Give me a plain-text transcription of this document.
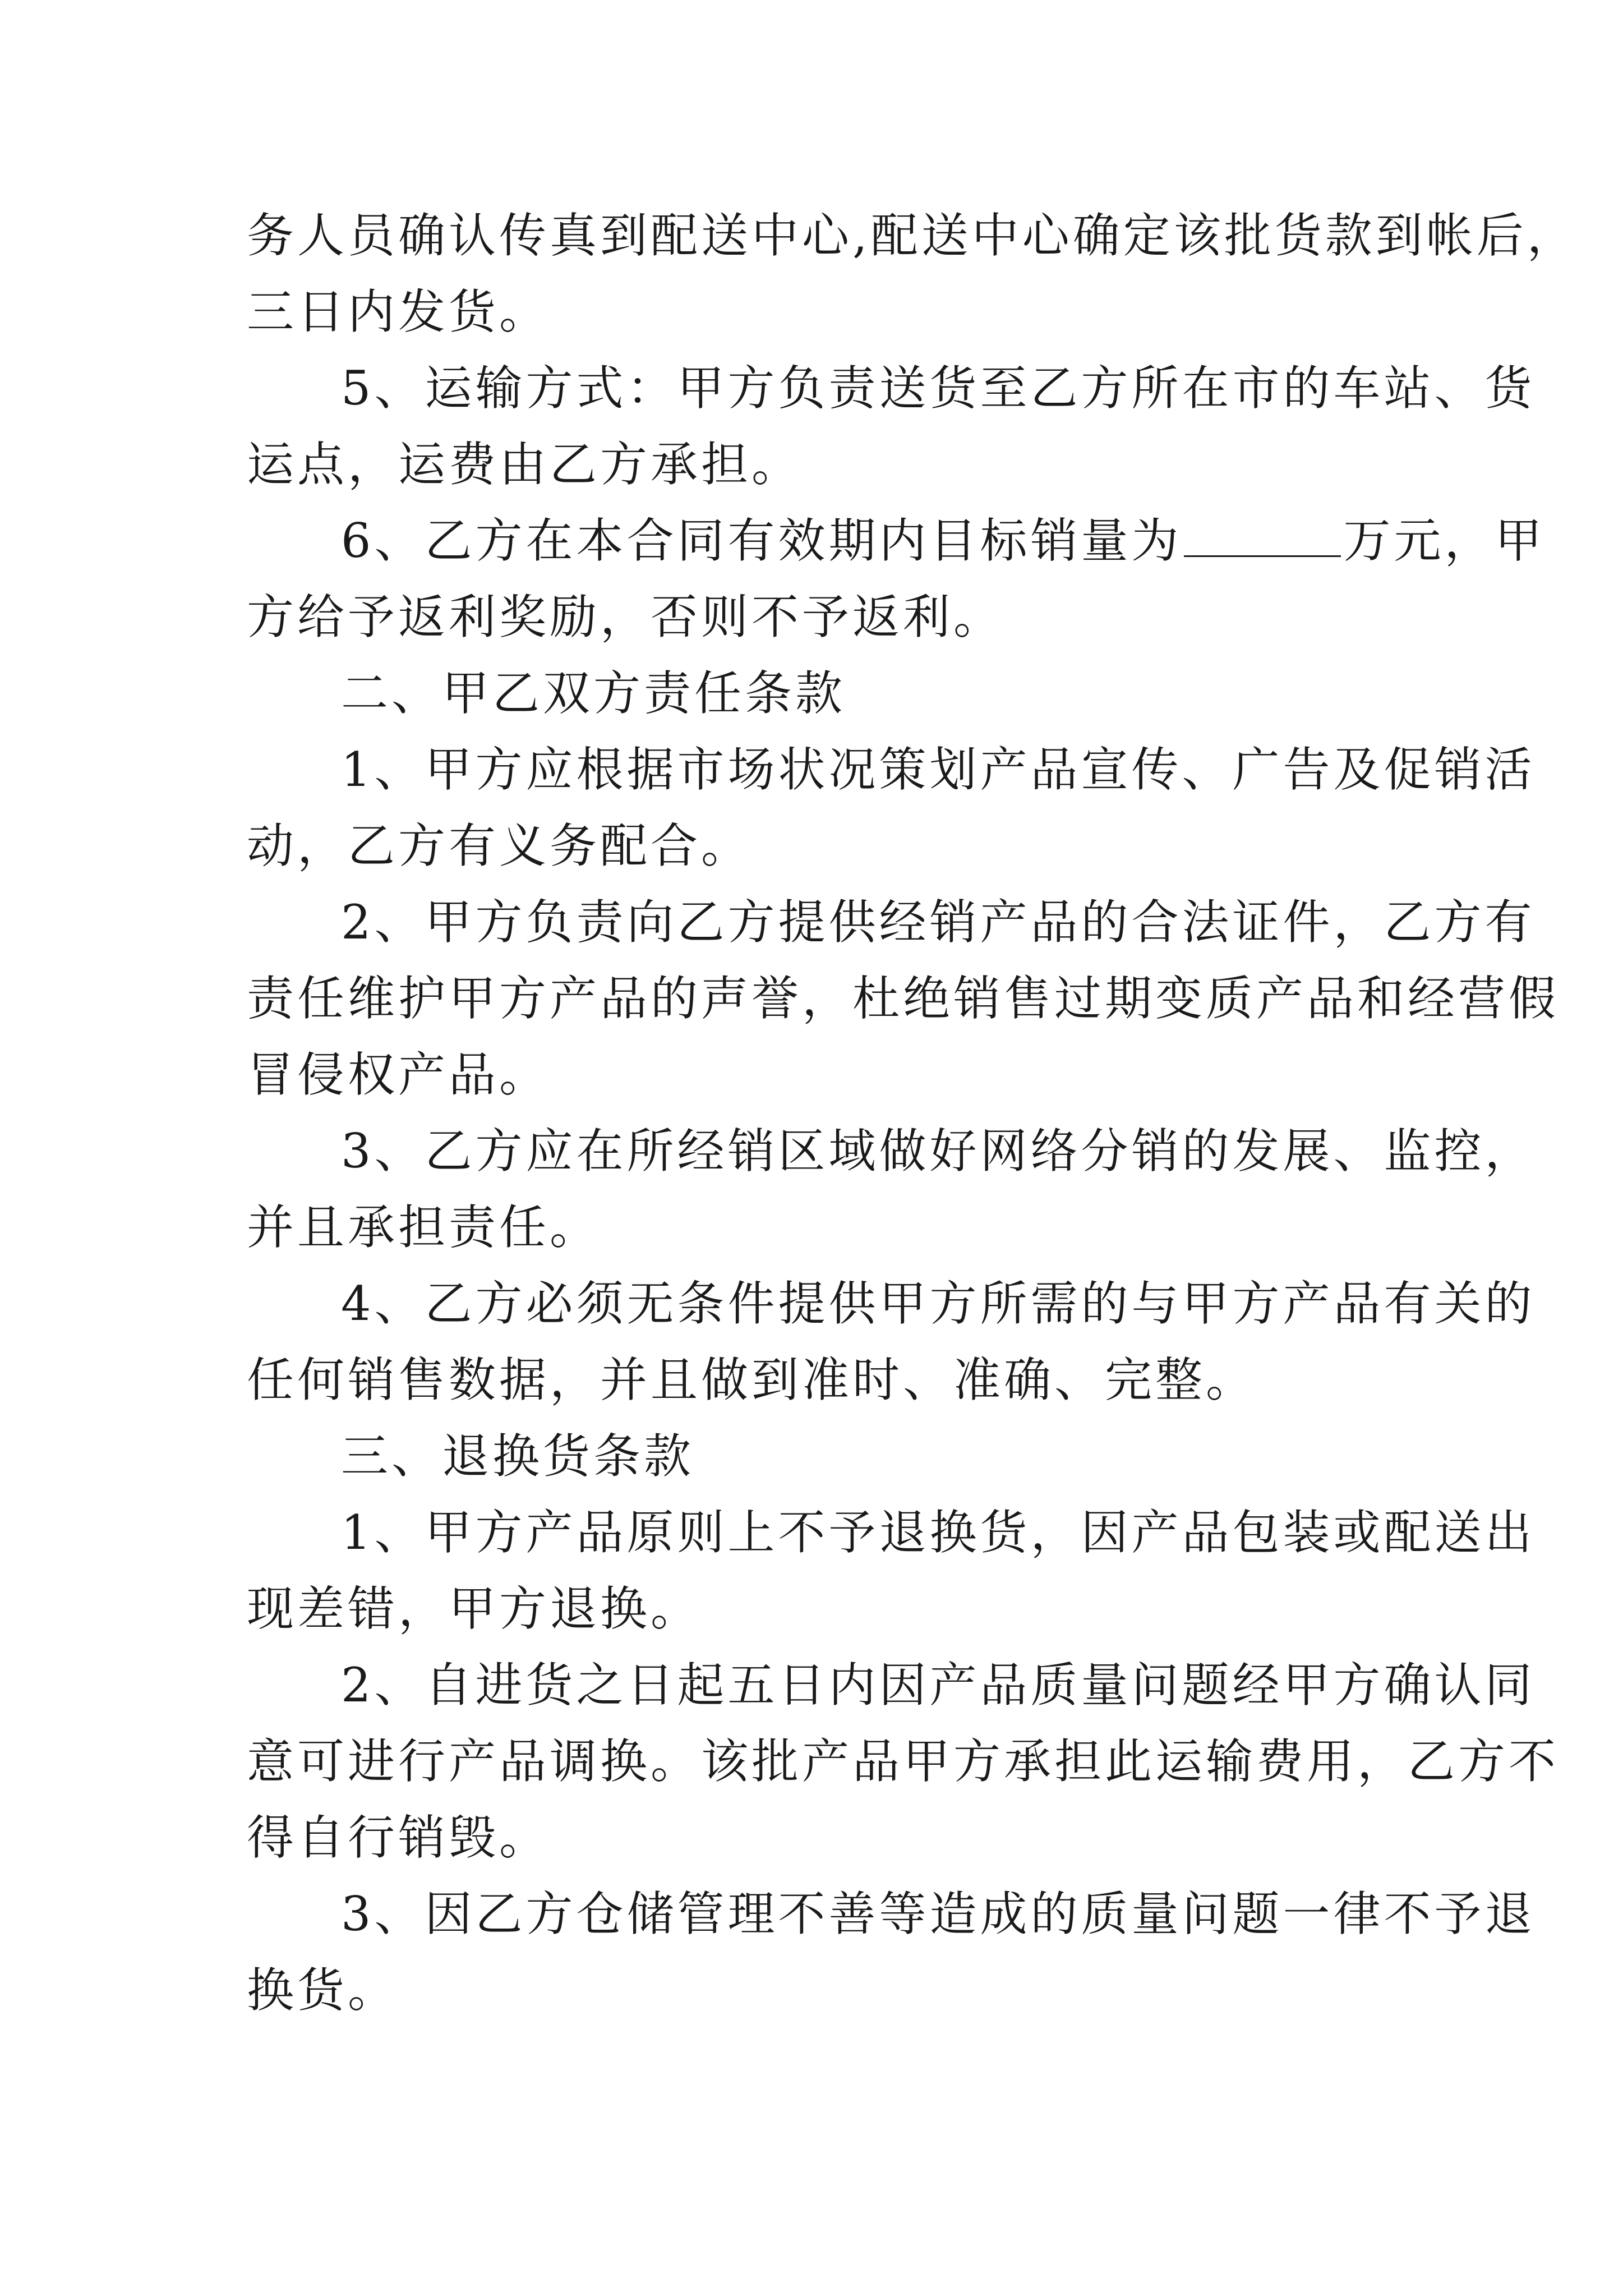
务人员确认传真到配送中心,配送中心确定该批货款到帐后，
三日内发货。
5、运输方式：甲方负责送货至乙方所在市的车站、货
运点，运费由乙方承担。
6、乙方在本合同有效期内目标销量为	万元，甲
方给予返利奖励，否则不予返利。
二、甲乙双方责任条款
1、甲方应根据市场状况策划产品宣传、广告及促销活
动，乙方有义务配合。
2、甲方负责向乙方提供经销产品的合法证件，乙方有
责任维护甲方产品的声誉，杜绝销售过期变质产品和经营假
冒侵权产品。
3、乙方应在所经销区域做好网络分销的发展、监控，
并且承担责任。
4、乙方必须无条件提供甲方所需的与甲方产品有关的
任何销售数据，并且做到准时、准确、完整。
三、退换货条款
1、甲方产品原则上不予退换货，因产品包装或配送出
现差错，甲方退换。
2、自进货之日起五日内因产品质量问题经甲方确认同
意可进行产品调换。该批产品甲方承担此运输费用，乙方不
得自行销毁。
3、因乙方仓储管理不善等造成的质量问题一律不予退
换货。
